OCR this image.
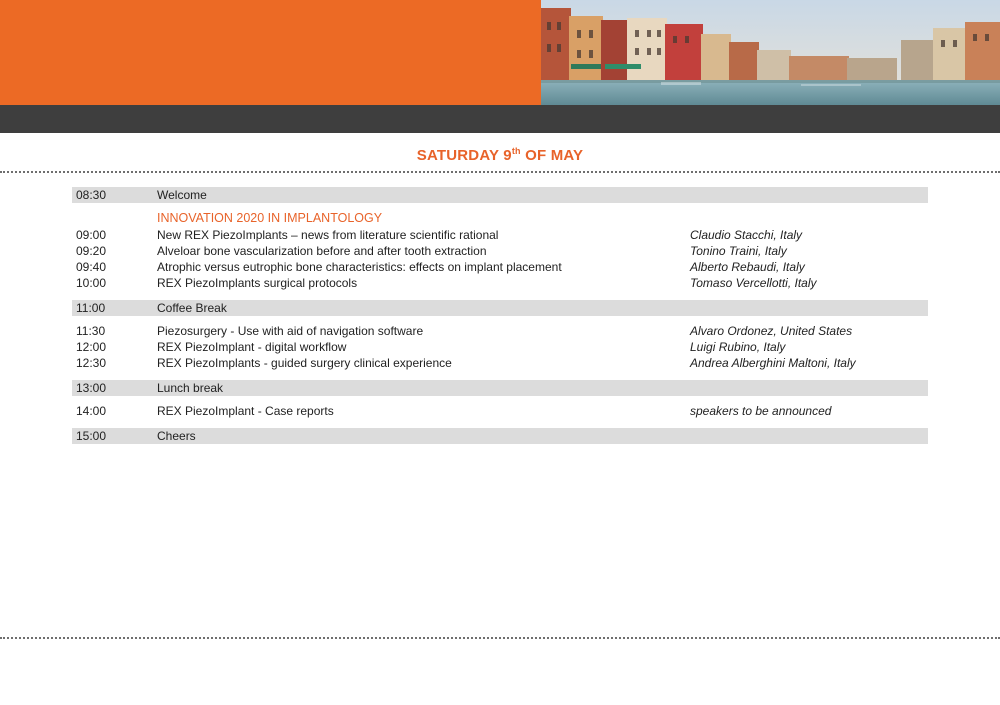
SATURDAY 9th OF MAY
INNOVATION 2020 IN IMPLANTOLOGY
08:30	Welcome
09:00	New REX PiezoImplants – news from literature scientific rational	Claudio Stacchi, Italy
09:20	Alveloar bone vascularization before and after tooth extraction	Tonino Traini, Italy
09:40	Atrophic versus eutrophic bone characteristics: effects on implant placement	Alberto Rebaudi, Italy
10:00	REX PiezoImplants surgical protocols	Tomaso Vercellotti, Italy
11:00	Coffee Break
11:30	Piezosurgery - Use with aid of navigation software	Alvaro Ordonez, United States
12:00	REX PiezoImplant - digital workflow	Luigi Rubino, Italy
12:30	REX PiezoImplants - guided surgery clinical experience	Andrea Alberghini Maltoni, Italy
13:00	Lunch break
14:00	REX PiezoImplant - Case reports	speakers to be announced
15:00	Cheers
